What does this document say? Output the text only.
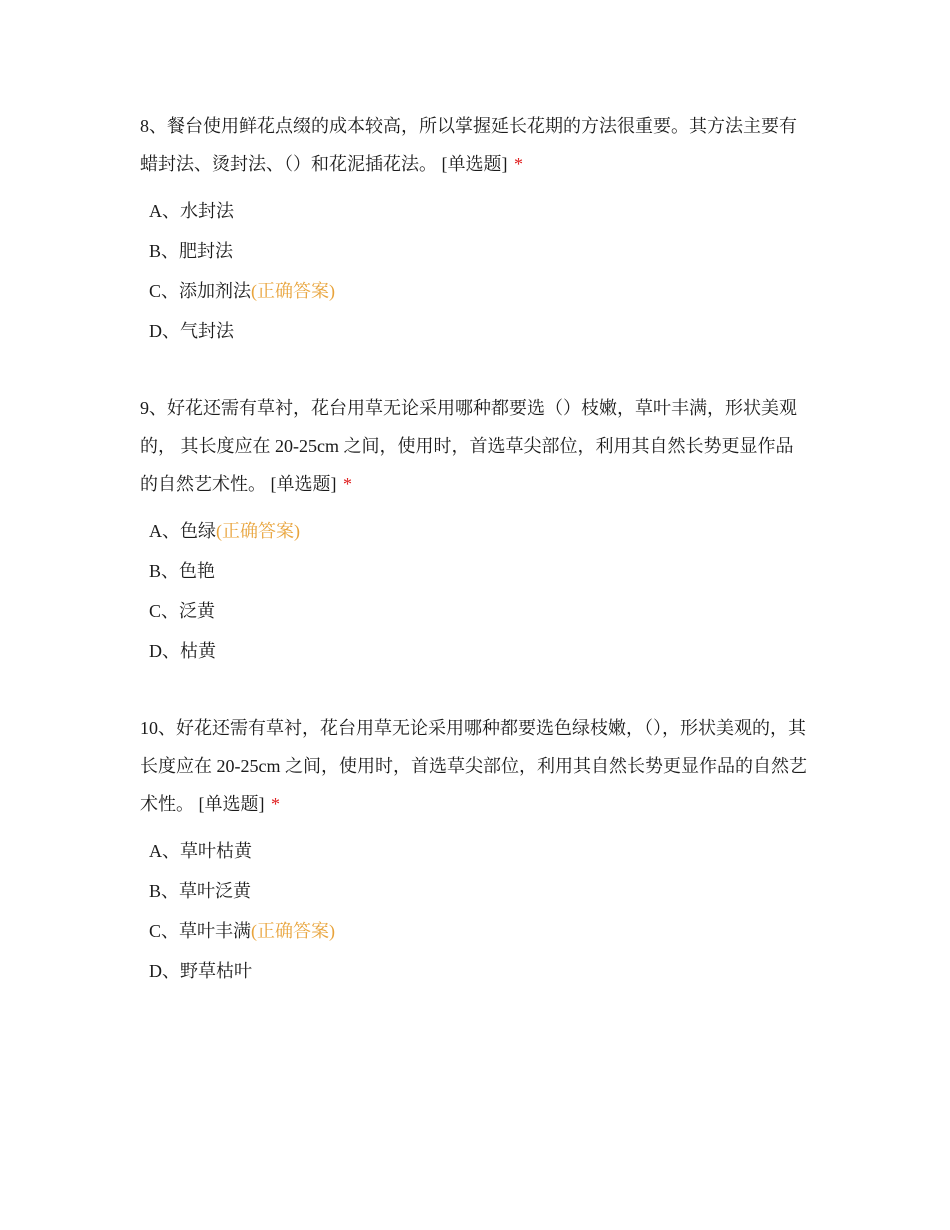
8、餐台使用鲜花点缀的成本较高，所以掌握延长花期的方法很重要。其方法主要有蜡封法、烫封法、（）和花泥插花法。 [单选题] *

A、水封法
B、肥封法
C、添加剂法(正确答案)
D、气封法

9、好花还需有草衬，花台用草无论采用哪种都要选（）枝嫩，草叶丰满，形状美观的， 其长度应在 20-25cm 之间，使用时，首选草尖部位，利用其自然长势更显作品的自然艺术性。 [单选题] *

A、色绿(正确答案)
B、色艳
C、泛黄
D、枯黄

10、好花还需有草衬，花台用草无论采用哪种都要选色绿枝嫩，（），形状美观的，其长度应在 20-25cm 之间，使用时，首选草尖部位，利用其自然长势更显作品的自然艺术性。 [单选题] *

A、草叶枯黄
B、草叶泛黄
C、草叶丰满(正确答案)
D、野草枯叶
